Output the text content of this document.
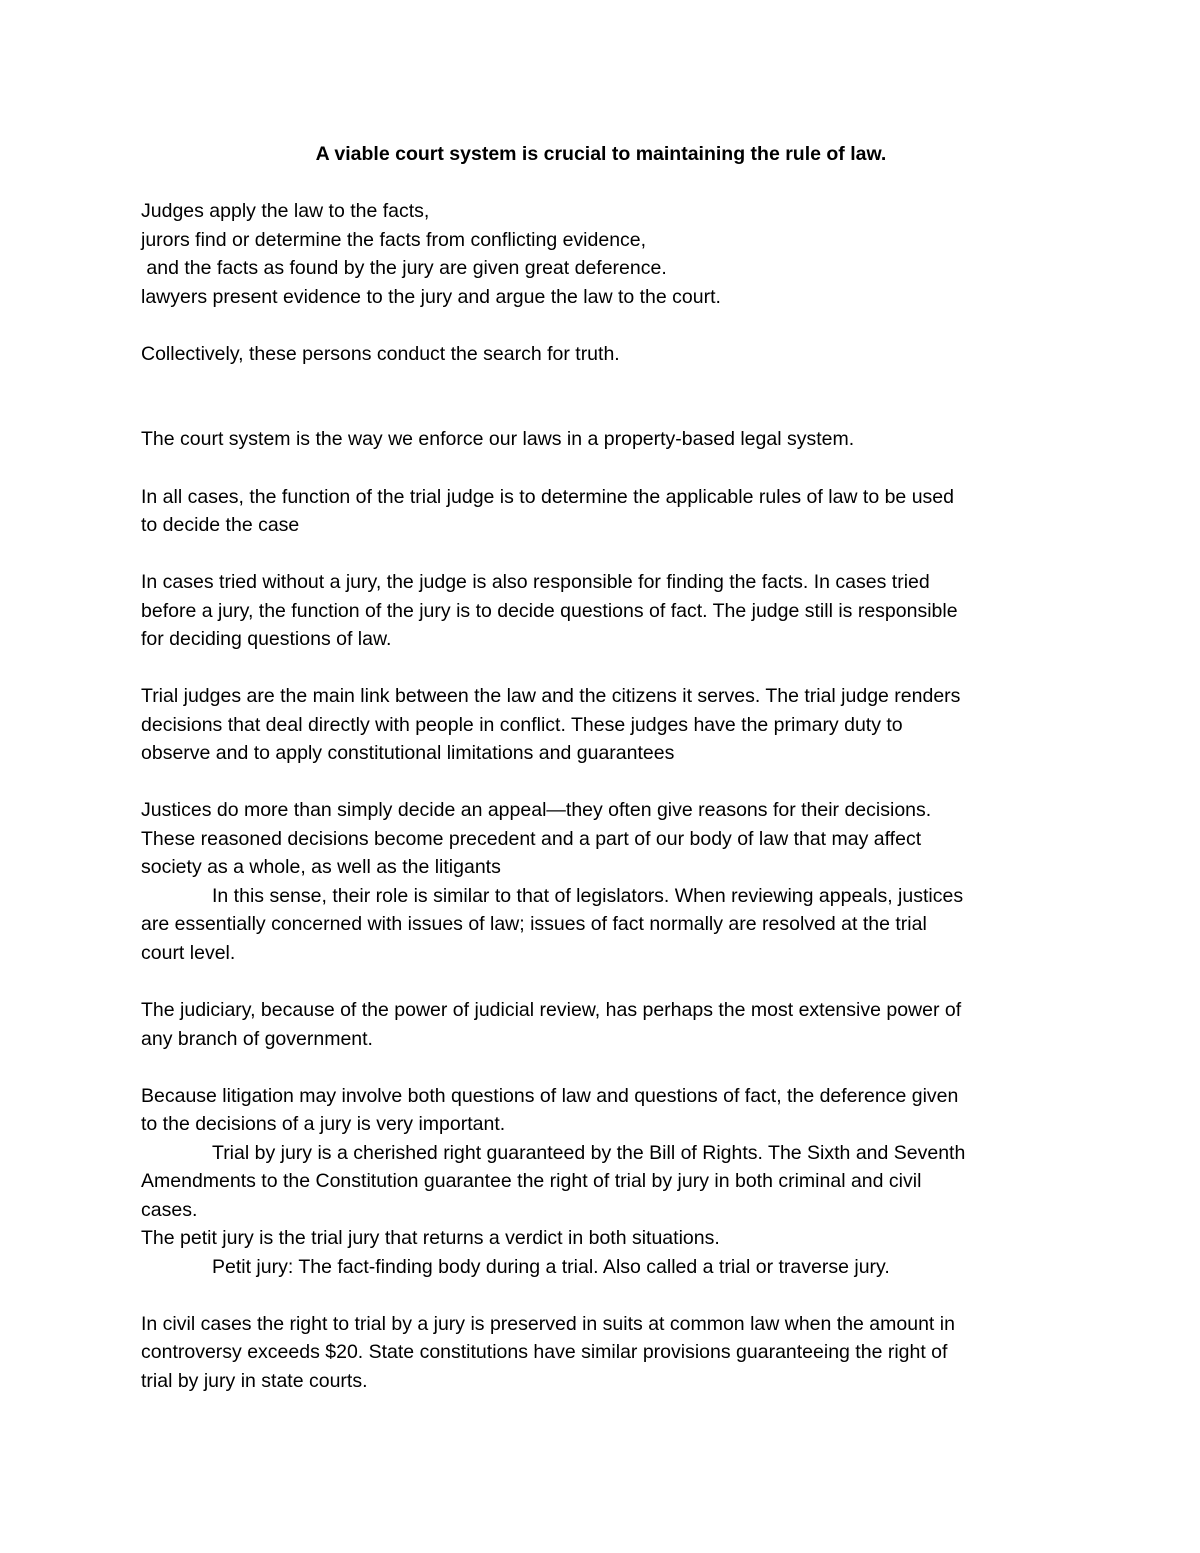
A viable court system is crucial to maintaining the rule of law.
Judges apply the law to the facts,
jurors find or determine the facts from conflicting evidence,
and the facts as found by the jury are given great deference.
lawyers present evidence to the jury and argue the law to the court.
Collectively, these persons conduct the search for truth.
The court system is the way we enforce our laws in a property-based legal system.
In all cases, the function of the trial judge is to determine the applicable rules of law to be used
to decide the case
In cases tried without a jury, the judge is also responsible for finding the facts. In cases tried
before a jury, the function of the jury is to decide questions of fact. The judge still is responsible
for deciding questions of law.
Trial judges are the main link between the law and the citizens it serves. The trial judge renders
decisions that deal directly with people in conflict. These judges have the primary duty to
observe and to apply constitutional limitations and guarantees
Justices do more than simply decide an appeal—they often give reasons for their decisions.
These reasoned decisions become precedent and a part of our body of law that may affect
society as a whole, as well as the litigants
In this sense, their role is similar to that of legislators. When reviewing appeals, justices
are essentially concerned with issues of law; issues of fact normally are resolved at the trial
court level.
The judiciary, because of the power of judicial review, has perhaps the most extensive power of
any branch of government.
Because litigation may involve both questions of law and questions of fact, the deference given
to the decisions of a jury is very important.
Trial by jury is a cherished right guaranteed by the Bill of Rights. The Sixth and Seventh
Amendments to the Constitution guarantee the right of trial by jury in both criminal and civil
cases.
The petit jury is the trial jury that returns a verdict in both situations.
Petit jury: The fact-finding body during a trial. Also called a trial or traverse jury.
In civil cases the right to trial by a jury is preserved in suits at common law when the amount in
controversy exceeds $20. State constitutions have similar provisions guaranteeing the right of
trial by jury in state courts.
